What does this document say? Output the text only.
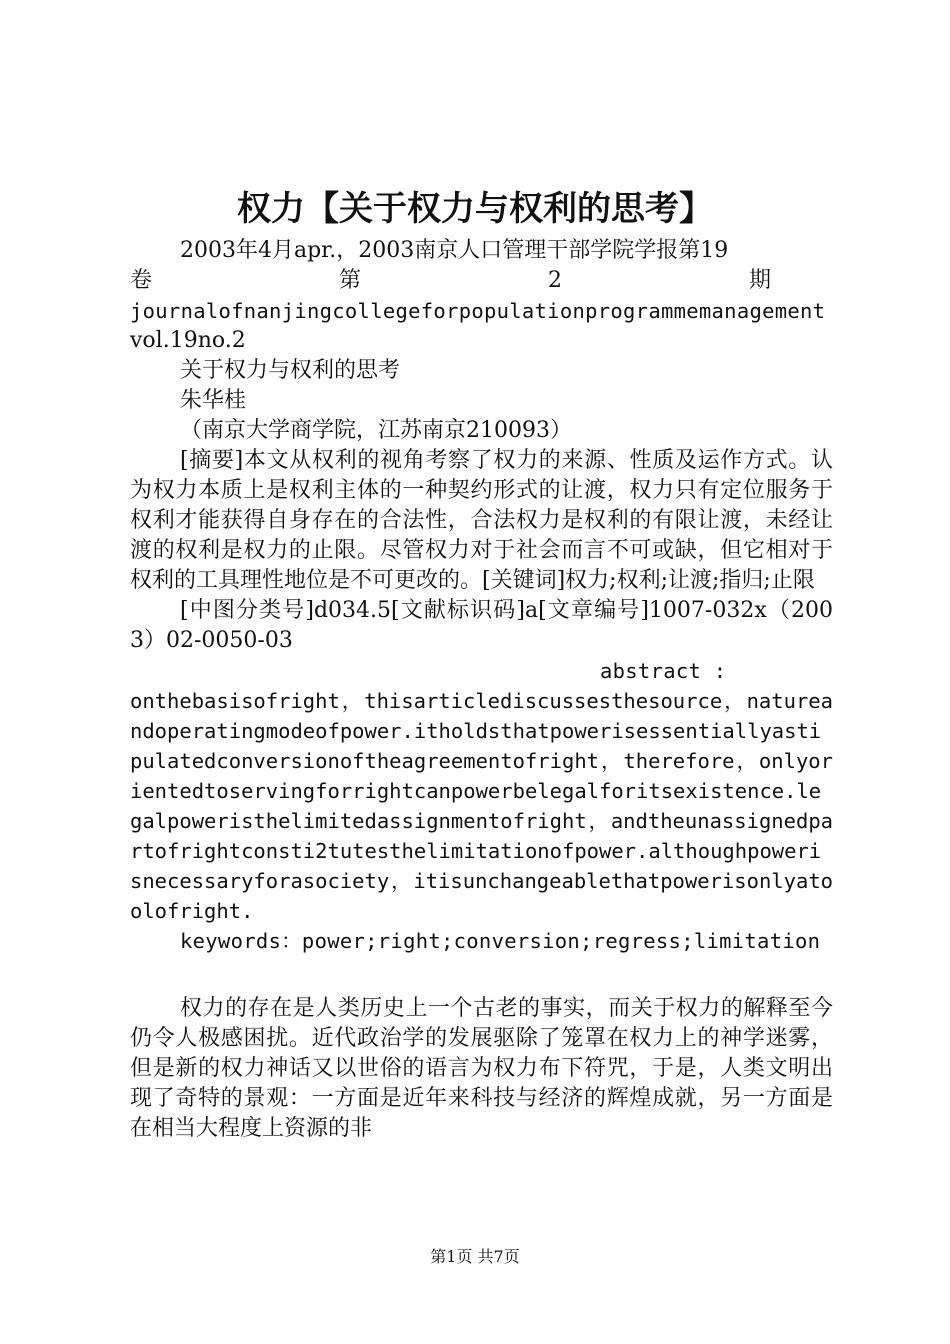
权力【关于权力与权利的思考】

2003年4月apr.，2003南京人口管理干部学院学报第19

卷 第 2 期

journalofnanjingcollegeforpopulationprogrammemanagement

vol.19no.2

关于权力与权利的思考

朱华桂

（南京大学商学院，江苏南京210093）

[摘要]本文从权利的视角考察了权力的来源、性质及运作方式。认为权力本质上是权利主体的一种契约形式的让渡，权力只有定位服务于权利才能获得自身存在的合法性，合法权力是权利的有限让渡，未经让渡的权利是权力的止限。尽管权力对于社会而言不可或缺，但它相对于权利的工具理性地位是不可更改的。[关键词]权力;权利;让渡;指归;止限

[中图分类号]d034.5[文献标识码]a[文章编号]1007-032x（2003）02-0050-03

abstract :

onthebasisofright，thisarticlediscussesthesource，natureandoperatingmodeofpower.itholdsthatpowerisessentiallyastipulatedconversionoftheagreementofright，therefore，onlyorientedtoservingforrightcanpowerbelegalforitsexistence.legalpoweristhelimitedassignmentofright，andtheunassignedpartofrightconsti2tutesthelimitationofpower.althoughpowerisnecessaryforasociety，itisunchangeablethatpowerisonlyatoolofright.

keywords：power;right;conversion;regress;limitation

权力的存在是人类历史上一个古老的事实，而关于权力的解释至今仍令人极感困扰。近代政治学的发展驱除了笼罩在权力上的神学迷雾，但是新的权力神话又以世俗的语言为权力布下符咒，于是，人类文明出现了奇特的景观：一方面是近年来科技与经济的辉煌成就，另一方面是在相当大程度上资源的非

第1页 共7页
